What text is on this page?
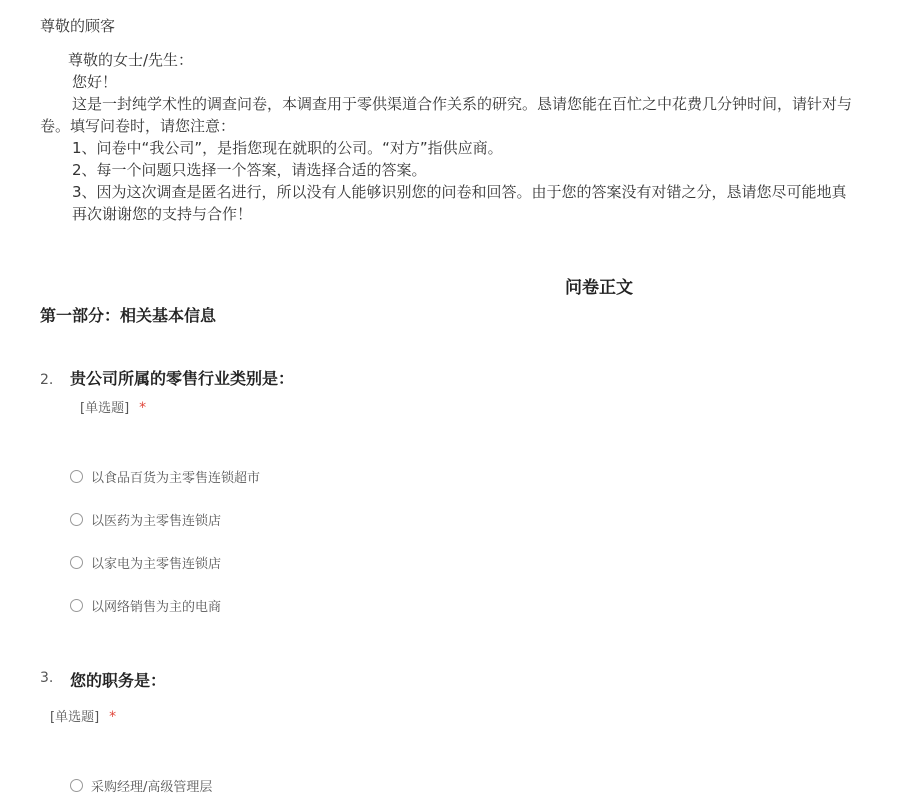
尊敬的顾客
尊敬的女士/先生：
您好！
这是一封纯学术性的调查问卷，本调查用于零供渠道合作关系的研究。恳请您能在百忙之中花费几分钟时间，请针对与
卷。填写问卷时，请您注意：
1、问卷中“我公司”，是指您现在就职的公司。“对方”指供应商。
2、每一个问题只选择一个答案，请选择合适的答案。
3、因为这次调查是匿名进行，所以没有人能够识别您的问卷和回答。由于您的答案没有对错之分，恳请您尽可能地真
再次谢谢您的支持与合作！
问卷正文
第一部分：相关基本信息
2. 贵公司所属的零售行业类别是：
[单选题] *
以食品百货为主零售连锁超市
以医药为主零售连锁店
以家电为主零售连锁店
以网络销售为主的电商
3. 您的职务是：
[单选题] *
采购经理/高级管理层
